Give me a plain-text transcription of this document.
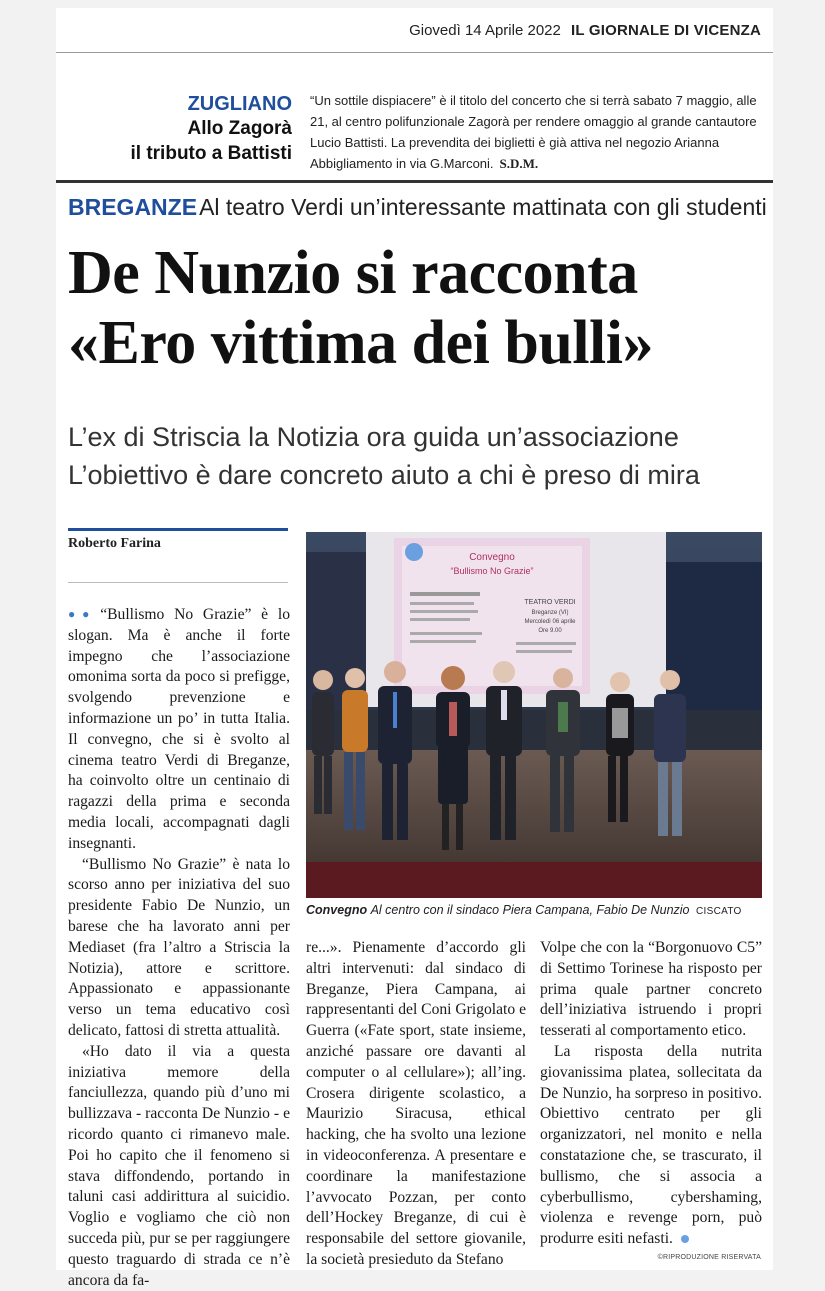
Giovedì 14 Aprile 2022 IL GIORNALE DI VICENZA
ZUGLIANO
Allo Zagorà
il tributo a Battisti
“Un sottile dispiacere” è il titolo del concerto che si terrà sabato 7 maggio, alle 21, al centro polifunzionale Zagorà per rendere omaggio al grande cantautore Lucio Battisti. La prevendita dei biglietti è già attiva nel negozio Arianna Abbigliamento in via G.Marconi. S.D.M.
BREGANZEAl teatro Verdi un’interessante mattinata con gli studenti
De Nunzio si racconta
«Ero vittima dei bulli»
L’ex di Striscia la Notizia ora guida un’associazione
L’obiettivo è dare concreto aiuto a chi è preso di mira
Roberto Farina

●● “Bullismo No Grazie” è lo slogan. Ma è anche il forte impegno che l’associazione omonima sorta da poco si prefigge, svolgendo prevenzione e informazione un po’ in tutta Italia. Il convegno, che si è svolto al cinema teatro Verdi di Breganze, ha coinvolto oltre un centinaio di ragazzi della prima e seconda media locali, accompagnati dagli insegnanti.

“Bullismo No Grazie” è nata lo scorso anno per iniziativa del suo presidente Fabio De Nunzio, un barese che ha lavorato anni per Mediaset (fra l’altro a Striscia la Notizia), attore e scrittore. Appassionato e appassionante verso un tema educativo così delicato, fattosi di stretta attualità.

«Ho dato il via a questa iniziativa memore della fanciullezza, quando più d’uno mi bullizzava - racconta De Nunzio - e ricordo quanto ci rimanevo male. Poi ho capito che il fenomeno si stava diffondendo, portando in taluni casi addirittura al suicidio. Voglio e vogliamo che ciò non succeda più, pur se per raggiungere questo traguardo di strada ce n’è ancora da fa-

Convegno
“Bullismo No Grazie”
TEATRO VERDI
Breganze (VI)
Mercoledì 06 aprile
Ore 9.00
Convegno Al centro con il sindaco Piera Campana, Fabio De Nunzio CISCATO

re...». Pienamente d’accordo gli altri intervenuti: dal sindaco di Breganze, Piera Campana, ai rappresentanti del Coni Grigolato e Guerra («Fate sport, state insieme, anziché passare ore davanti al computer o al cellulare»); all’ing. Crosera dirigente scolastico, a Maurizio Siracusa, ethical hacking, che ha svolto una lezione in videoconferenza. A presentare e coordinare la manifestazione l’avvocato Pozzan, per conto dell’Hockey Breganze, di cui è responsabile del settore giovanile, la società presieduto da Stefano

Volpe che con la “Borgonuovo C5” di Settimo Torinese ha risposto per prima quale partner concreto dell’iniziativa istruendo i propri tesserati al comportamento etico.

La risposta della nutrita giovanissima platea, sollecitata da De Nunzio, ha sorpreso in positivo. Obiettivo centrato per gli organizzatori, nel monito e nella constatazione che, se trascurato, il bullismo, che si associa a cyberbullismo, cybershaming, violenza e revenge porn, può produrre esiti nefasti.

©RIPRODUZIONE RISERVATA
